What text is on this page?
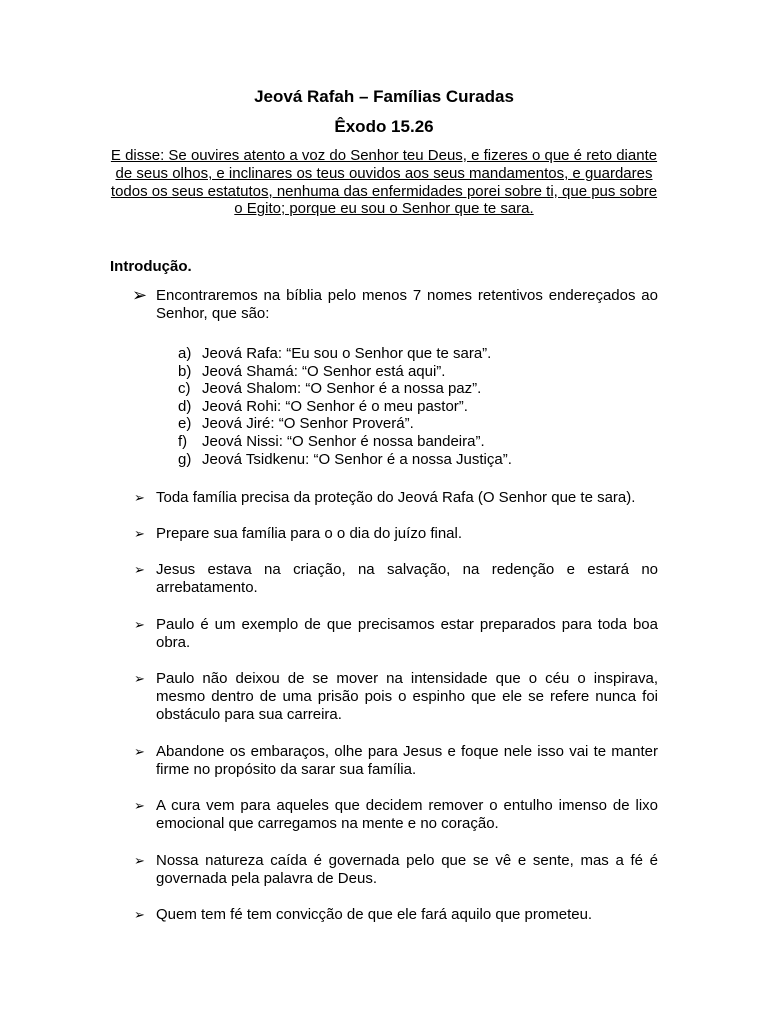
Jeová Rafah – Famílias Curadas
Êxodo 15.26
E disse: Se ouvires atento a voz do Senhor teu Deus, e fizeres o que é reto diante de seus olhos, e inclinares os teus ouvidos aos seus mandamentos, e guardares todos os seus estatutos, nenhuma das enfermidades porei sobre ti, que pus sobre o Egito; porque eu sou o Senhor que te sara.
Introdução.
➢ Encontraremos na bíblia pelo menos 7 nomes retentivos endereçados ao Senhor, que são:
a) Jeová Rafa: “Eu sou o Senhor que te sara”.
b) Jeová Shamá: “O Senhor está aqui”.
c) Jeová Shalom: “O Senhor é a nossa paz”.
d) Jeová Rohi: “O Senhor é o meu pastor”.
e) Jeová Jiré: “O Senhor Proverá”.
f) Jeová Nissi: “O Senhor é nossa bandeira”.
g) Jeová Tsidkenu: “O Senhor é a nossa Justiça”.
➢ Toda família precisa da proteção do Jeová Rafa (O Senhor que te sara).
➢ Prepare sua família para o o dia do juízo final.
➢ Jesus estava na criação, na salvação, na redenção e estará no arrebatamento.
➢ Paulo é um exemplo de que precisamos estar preparados para toda boa obra.
➢ Paulo não deixou de se mover na intensidade que o céu o inspirava, mesmo dentro de uma prisão pois o espinho que ele se refere nunca foi obstáculo para sua carreira.
➢ Abandone os embaraços, olhe para Jesus e foque nele isso vai te manter firme no propósito da sarar sua família.
➢ A cura vem para aqueles que decidem remover o entulho imenso de lixo emocional que carregamos na mente e no coração.
➢ Nossa natureza caída é governada pelo que se vê e sente, mas a fé é governada pela palavra de Deus.
➢ Quem tem fé tem convicção de que ele fará aquilo que prometeu.
